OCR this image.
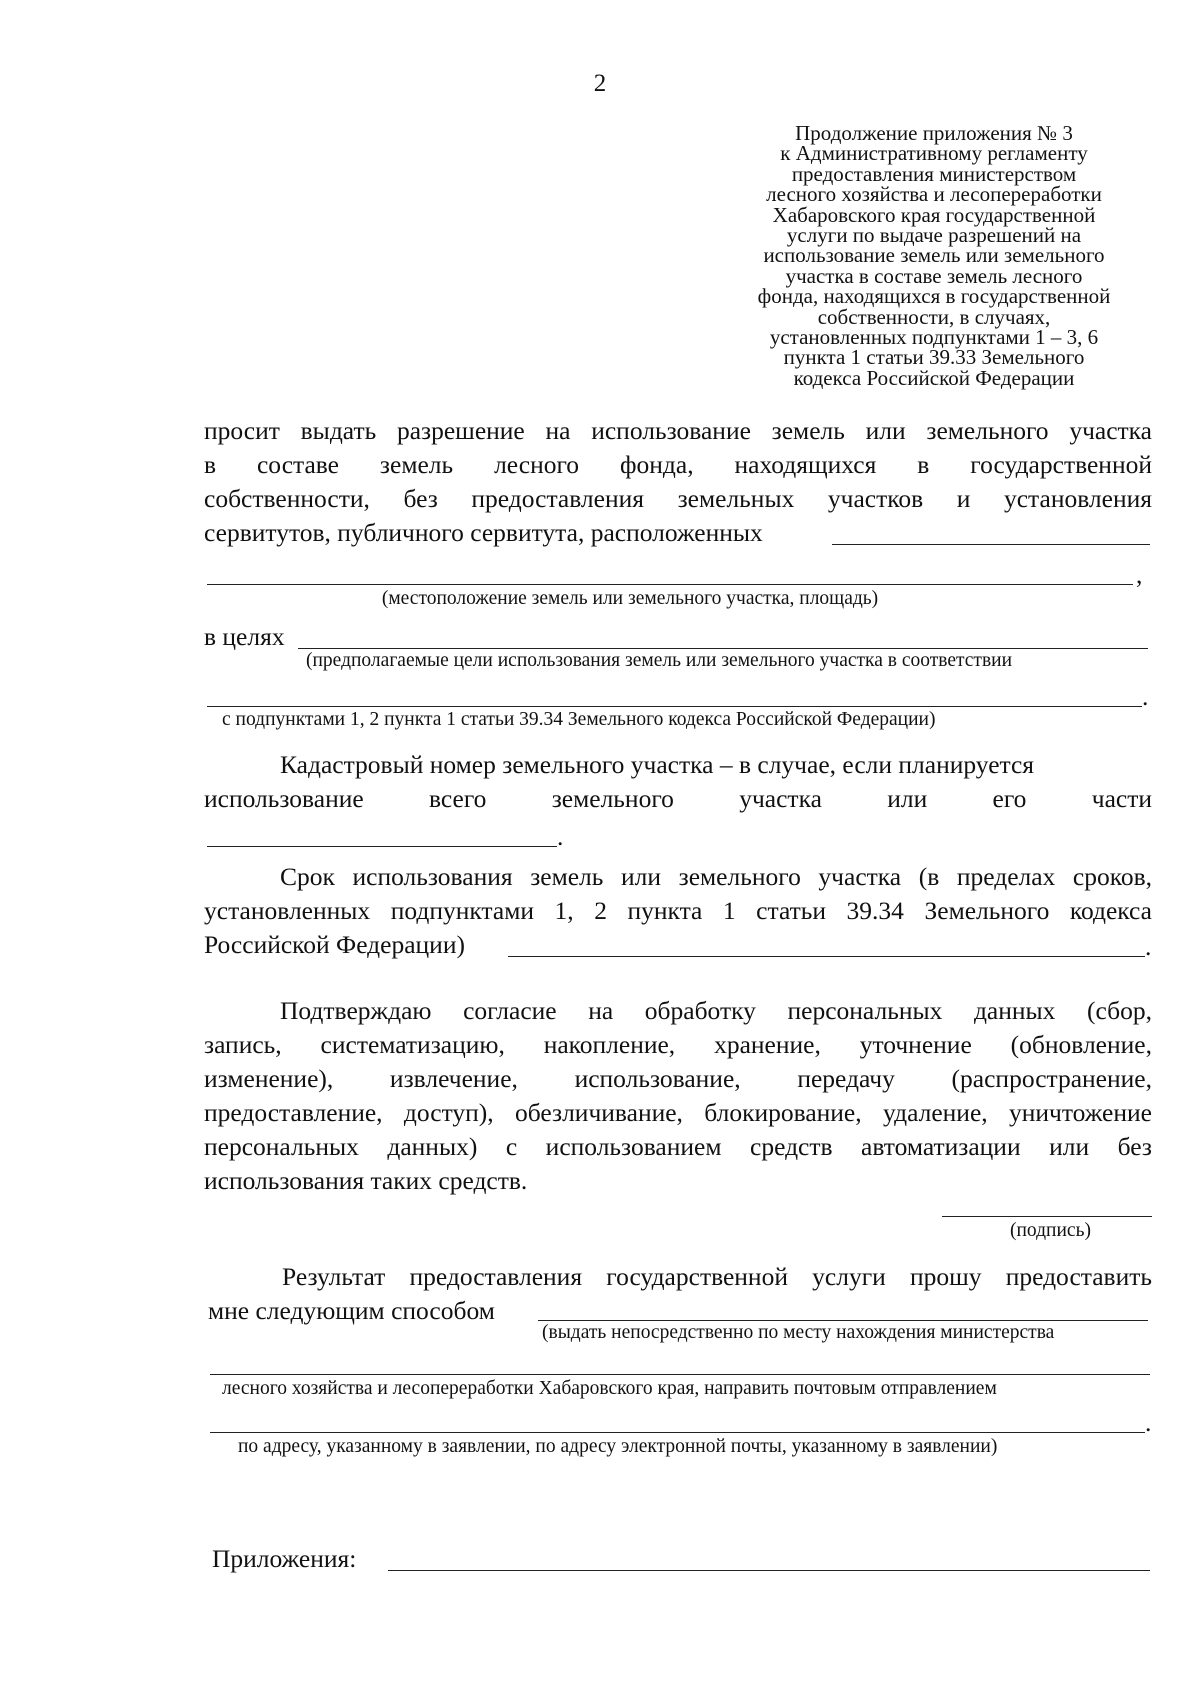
2
Продолжение приложения № 3
к Административному регламенту
предоставления министерством
лесного хозяйства и лесопереработки
Хабаровского края государственной
услуги по выдаче разрешений на
использование земель или земельного
участка в составе земель лесного
фонда, находящихся в государственной
собственности, в случаях,
установленных подпунктами 1 – 3, 6
пункта 1 статьи 39.33 Земельного
кодекса Российской Федерации
просит выдать разрешение на использование земель или земельного участка
в составе земель лесного фонда, находящихся в государственной
собственности, без предоставления земельных участков и установления
сервитутов, публичного сервитута, расположенных
,
(местоположение земель или земельного участка, площадь)
в целях
(предполагаемые цели использования земель или земельного участка в соответствии
.
с подпунктами 1, 2 пункта 1 статьи 39.34 Земельного кодекса Российской Федерации)
Кадастровый номер земельного участка – в случае, если планируется
использование всего земельного участка или его части
.
Срок использования земель или земельного участка (в пределах сроков,
установленных подпунктами 1, 2 пункта 1 статьи 39.34 Земельного кодекса
Российской Федерации)	.
Подтверждаю согласие на обработку персональных данных (сбор,
запись, систематизацию, накопление, хранение, уточнение (обновление,
изменение), извлечение, использование, передачу (распространение,
предоставление, доступ), обезличивание, блокирование, удаление, уничтожение
персональных данных) с использованием средств автоматизации или без
использования таких средств.
(подпись)
Результат предоставления государственной услуги прошу предоставить
мне следующим способом
(выдать непосредственно по месту нахождения министерства
лесного хозяйства и лесопереработки Хабаровского края, направить почтовым отправлением
.
по адресу, указанному в заявлении, по адресу электронной почты, указанному в заявлении)
Приложения:
